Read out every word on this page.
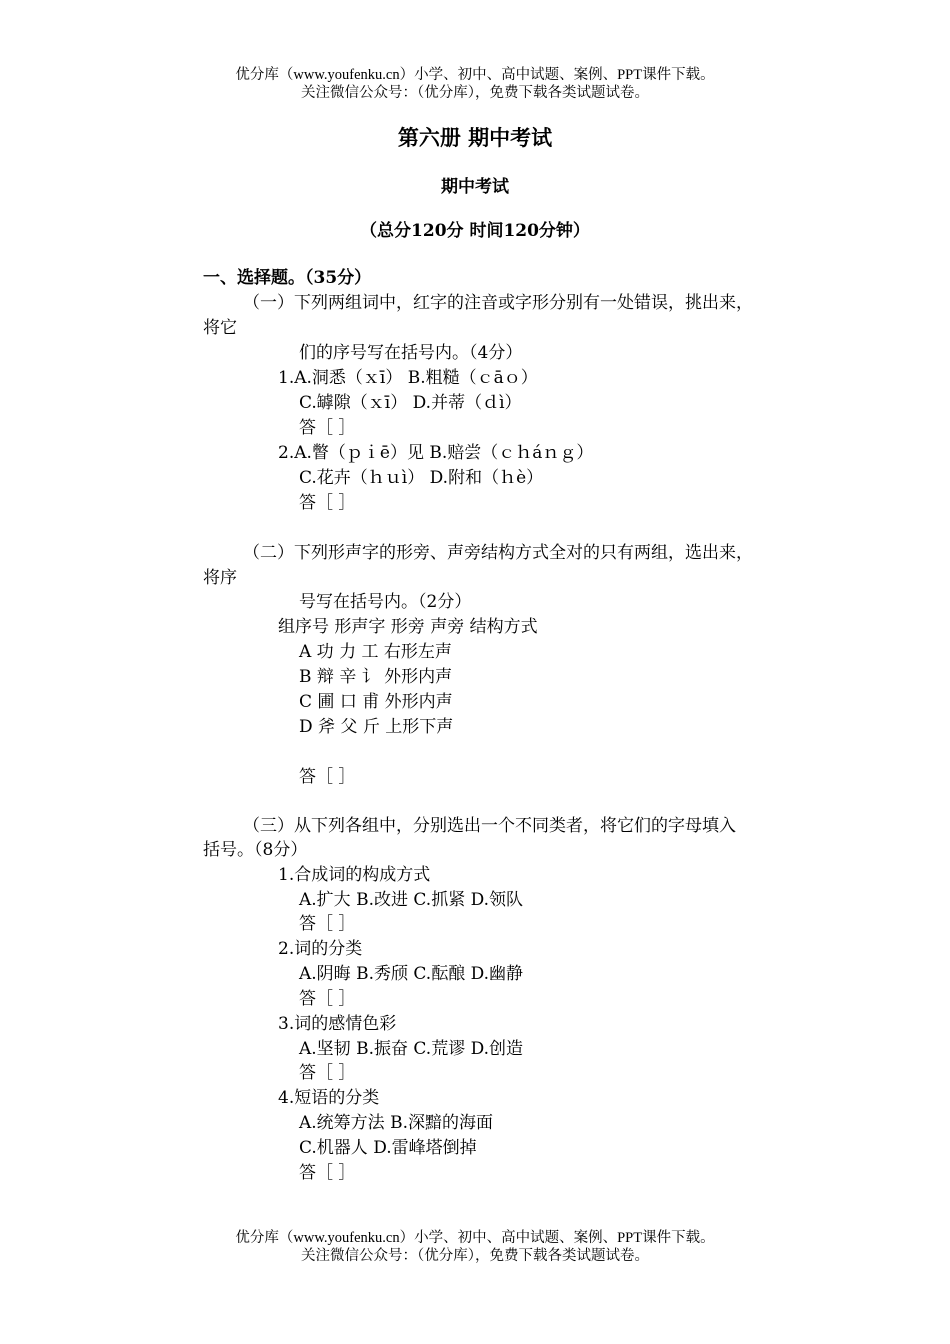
优分库（www.youfenku.cn）小学、初中、高中试题、案例、PPT课件下载。
关注微信公众号：（优分库），免费下载各类试题试卷。
第六册 期中考试
期中考试
（总分120分 时间120分钟）
一、选择题。（35分）
（一）下列两组词中，红字的注音或字形分别有一处错误，挑出来，
将它
们的序号写在括号内。（4分）
1.A.洞悉（ｘī） B.粗糙（ｃāｏ）
C.罅隙（ｘī） D.并蒂（ｄì）
答［ ］
2.A.瞥（ｐｉē）见 B.赔尝（ｃｈáｎｇ）
C.花卉（ｈｕì） D.附和（ｈè）
答［ ］
（二）下列形声字的形旁、声旁结构方式全对的只有两组，选出来，
将序
号写在括号内。（2分）
组序号 形声字 形旁 声旁 结构方式
A 功 力 工 右形左声
B 辩 辛 讠 外形内声
C 圃 口 甫 外形内声
D 斧 父 斤 上形下声
答［ ］
（三）从下列各组中，分别选出一个不同类者，将它们的字母填入
括号。（8分）
1.合成词的构成方式
A.扩大 B.改进 C.抓紧 D.领队
答［ ］
2.词的分类
A.阴晦 B.秀颀 C.酝酿 D.幽静
答［ ］
3.词的感情色彩
A.坚韧 B.振奋 C.荒谬 D.创造
答［ ］
4.短语的分类
A.统筹方法 B.深黯的海面
C.机器人 D.雷峰塔倒掉
答［ ］
优分库（www.youfenku.cn）小学、初中、高中试题、案例、PPT课件下载。
关注微信公众号：（优分库），免费下载各类试题试卷。
